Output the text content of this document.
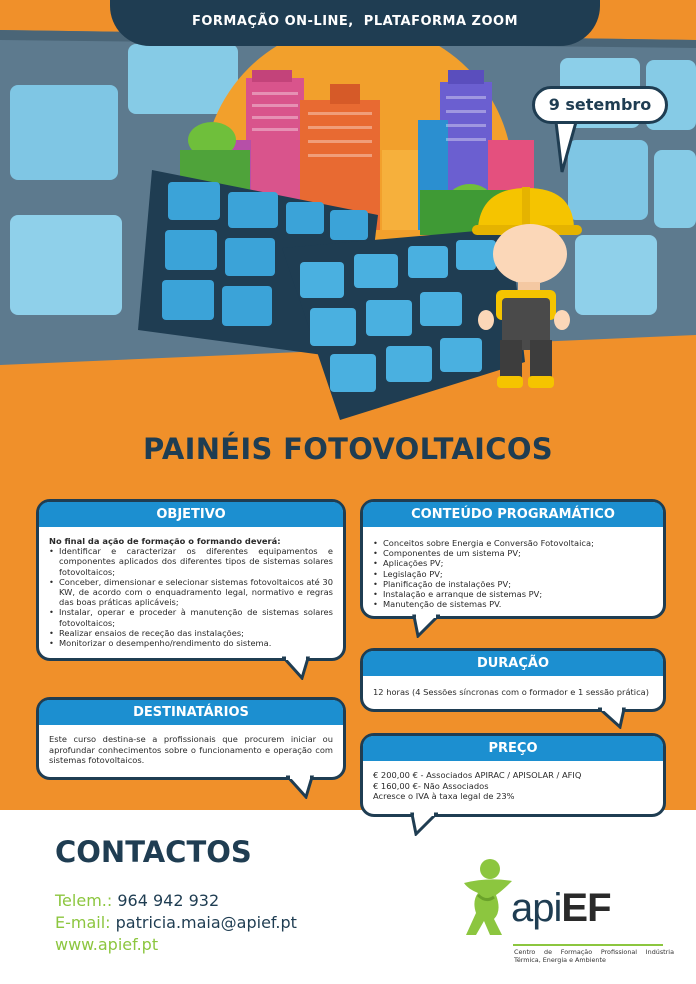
FORMAÇÃO ON-LINE,  PLATAFORMA ZOOM
9 setembro
PAINÉIS FOTOVOLTAICOS
OBJETIVO
No final da ação de formação o formando deverá:
• Identificar e caracterizar os diferentes equipamentos e componentes aplicados dos diferentes tipos de sistemas solares fotovoltaicos;
• Conceber, dimensionar e selecionar sistemas fotovoltaicos até 30 KW, de acordo com o enquadramento legal, normativo e regras das boas práticas aplicáveis;
• Instalar, operar e proceder à manutenção de sistemas solares fotovoltaicos;
• Realizar ensaios de receção das instalações;
• Monitorizar o desempenho/rendimento do sistema.
DESTINATÁRIOS
Este curso destina-se a profissionais que procurem iniciar ou aprofundar conhecimentos sobre o funcionamento e operação com sistemas fotovoltaicos.
CONTEÚDO PROGRAMÁTICO
• Conceitos sobre Energia e Conversão Fotovoltaica;
• Componentes de um sistema PV;
• Aplicações PV;
• Legislação PV;
• Planificação de instalações PV;
• Instalação e arranque de sistemas PV;
• Manutenção de sistemas PV.
DURAÇÃO
12 horas (4 Sessões síncronas com o formador e 1 sessão prática)
PREÇO
€ 200,00 € - Associados APIRAC / APISOLAR / AFIQ
€ 160,00 €- Não Associados
Acresce o IVA à taxa legal de 23%
CONTACTOS
Telem.: 964 942 932
E-mail: patricia.maia@apief.pt
www.apief.pt
apiEF
Centro de Formação Profissional Indústria Térmica, Energia e Ambiente
